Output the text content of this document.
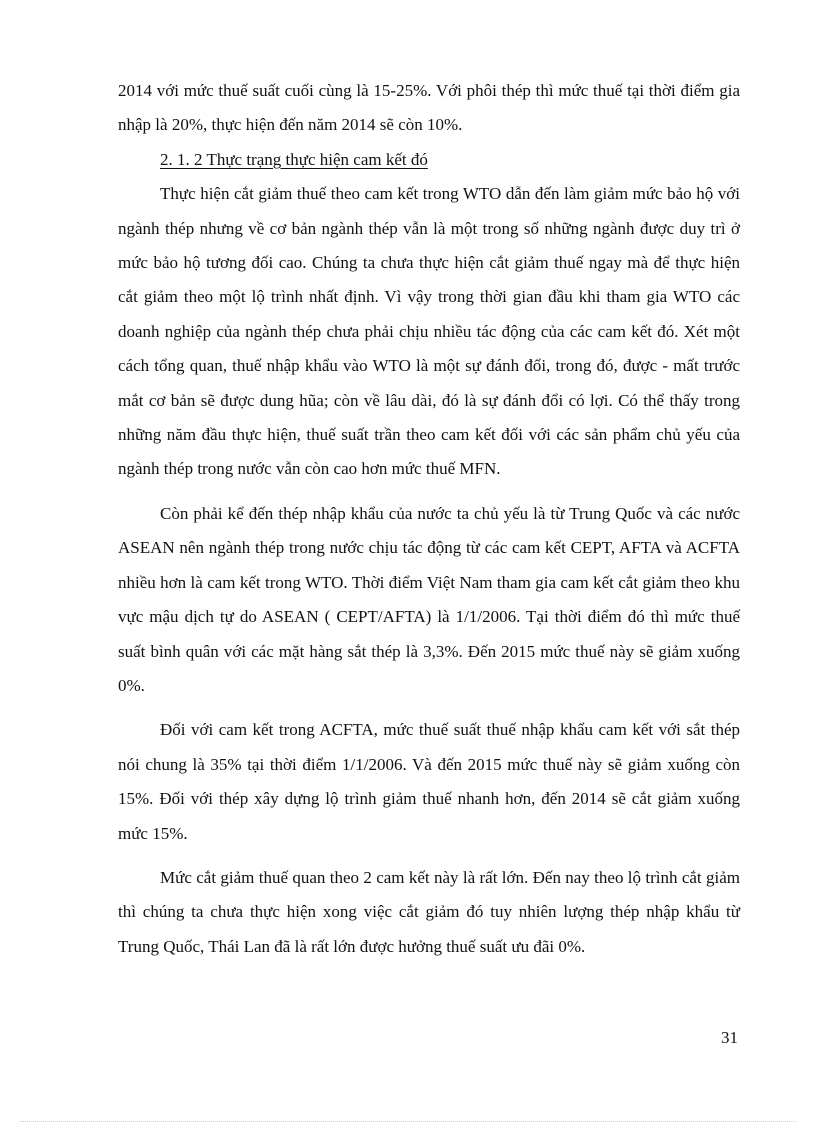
2014 với mức thuế suất cuối cùng là 15-25%. Với phôi thép thì mức thuế tại thời điểm gia nhập là 20%, thực hiện đến năm 2014 sẽ còn 10%.

2. 1. 2 Thực trạng thực hiện cam kết đó

Thực hiện cắt giảm thuế theo cam kết trong WTO dẫn đến làm giảm mức bảo hộ với ngành thép nhưng về cơ bản ngành thép vẫn là một trong số những ngành được duy trì ở mức bảo hộ tương đối cao. Chúng ta chưa thực hiện cắt giảm thuế ngay mà để thực hiện cắt giảm theo một lộ trình nhất định. Vì vậy trong thời gian đầu khi tham gia WTO các doanh nghiệp của ngành thép chưa phải chịu nhiều tác động của các cam kết đó. Xét một cách tổng quan, thuế nhập khẩu vào WTO là một sự đánh đổi, trong đó, được - mất trước mắt cơ bản sẽ được dung hũa; còn về lâu dài, đó là sự đánh đổi có lợi. Có thể thấy trong những năm đầu thực hiện, thuế suất trần theo cam kết đối với các sản phẩm chủ yếu của ngành thép trong nước vẫn còn cao hơn mức thuế MFN.

Còn phải kể đến thép nhập khẩu của nước ta chủ yếu là từ Trung Quốc và các nước ASEAN nên ngành thép trong nước chịu tác động từ các cam kết CEPT, AFTA và ACFTA nhiều hơn là cam kết trong WTO. Thời điểm Việt Nam tham gia cam kết cắt giảm theo khu vực mậu dịch tự do ASEAN ( CEPT/AFTA) là 1/1/2006. Tại thời điểm đó thì mức thuế suất bình quân với các mặt hàng sắt thép là 3,3%. Đến 2015 mức thuế này sẽ giảm xuống 0%.

Đối với cam kết trong ACFTA, mức thuế suất thuế nhập khẩu cam kết với sắt thép nói chung là 35% tại thời điểm 1/1/2006. Và đến 2015 mức thuế này sẽ giảm xuống còn 15%. Đối với thép xây dựng lộ trình giảm thuế nhanh hơn, đến 2014 sẽ cắt giảm xuống mức 15%.

Mức cắt giảm thuế quan theo 2 cam kết này là rất lớn. Đến nay theo lộ trình cắt giảm thì chúng ta chưa thực hiện xong việc cắt giảm đó tuy nhiên lượng thép nhập khẩu từ Trung Quốc, Thái Lan đã là rất lớn được hưởng thuế suất ưu đãi 0%.

31
